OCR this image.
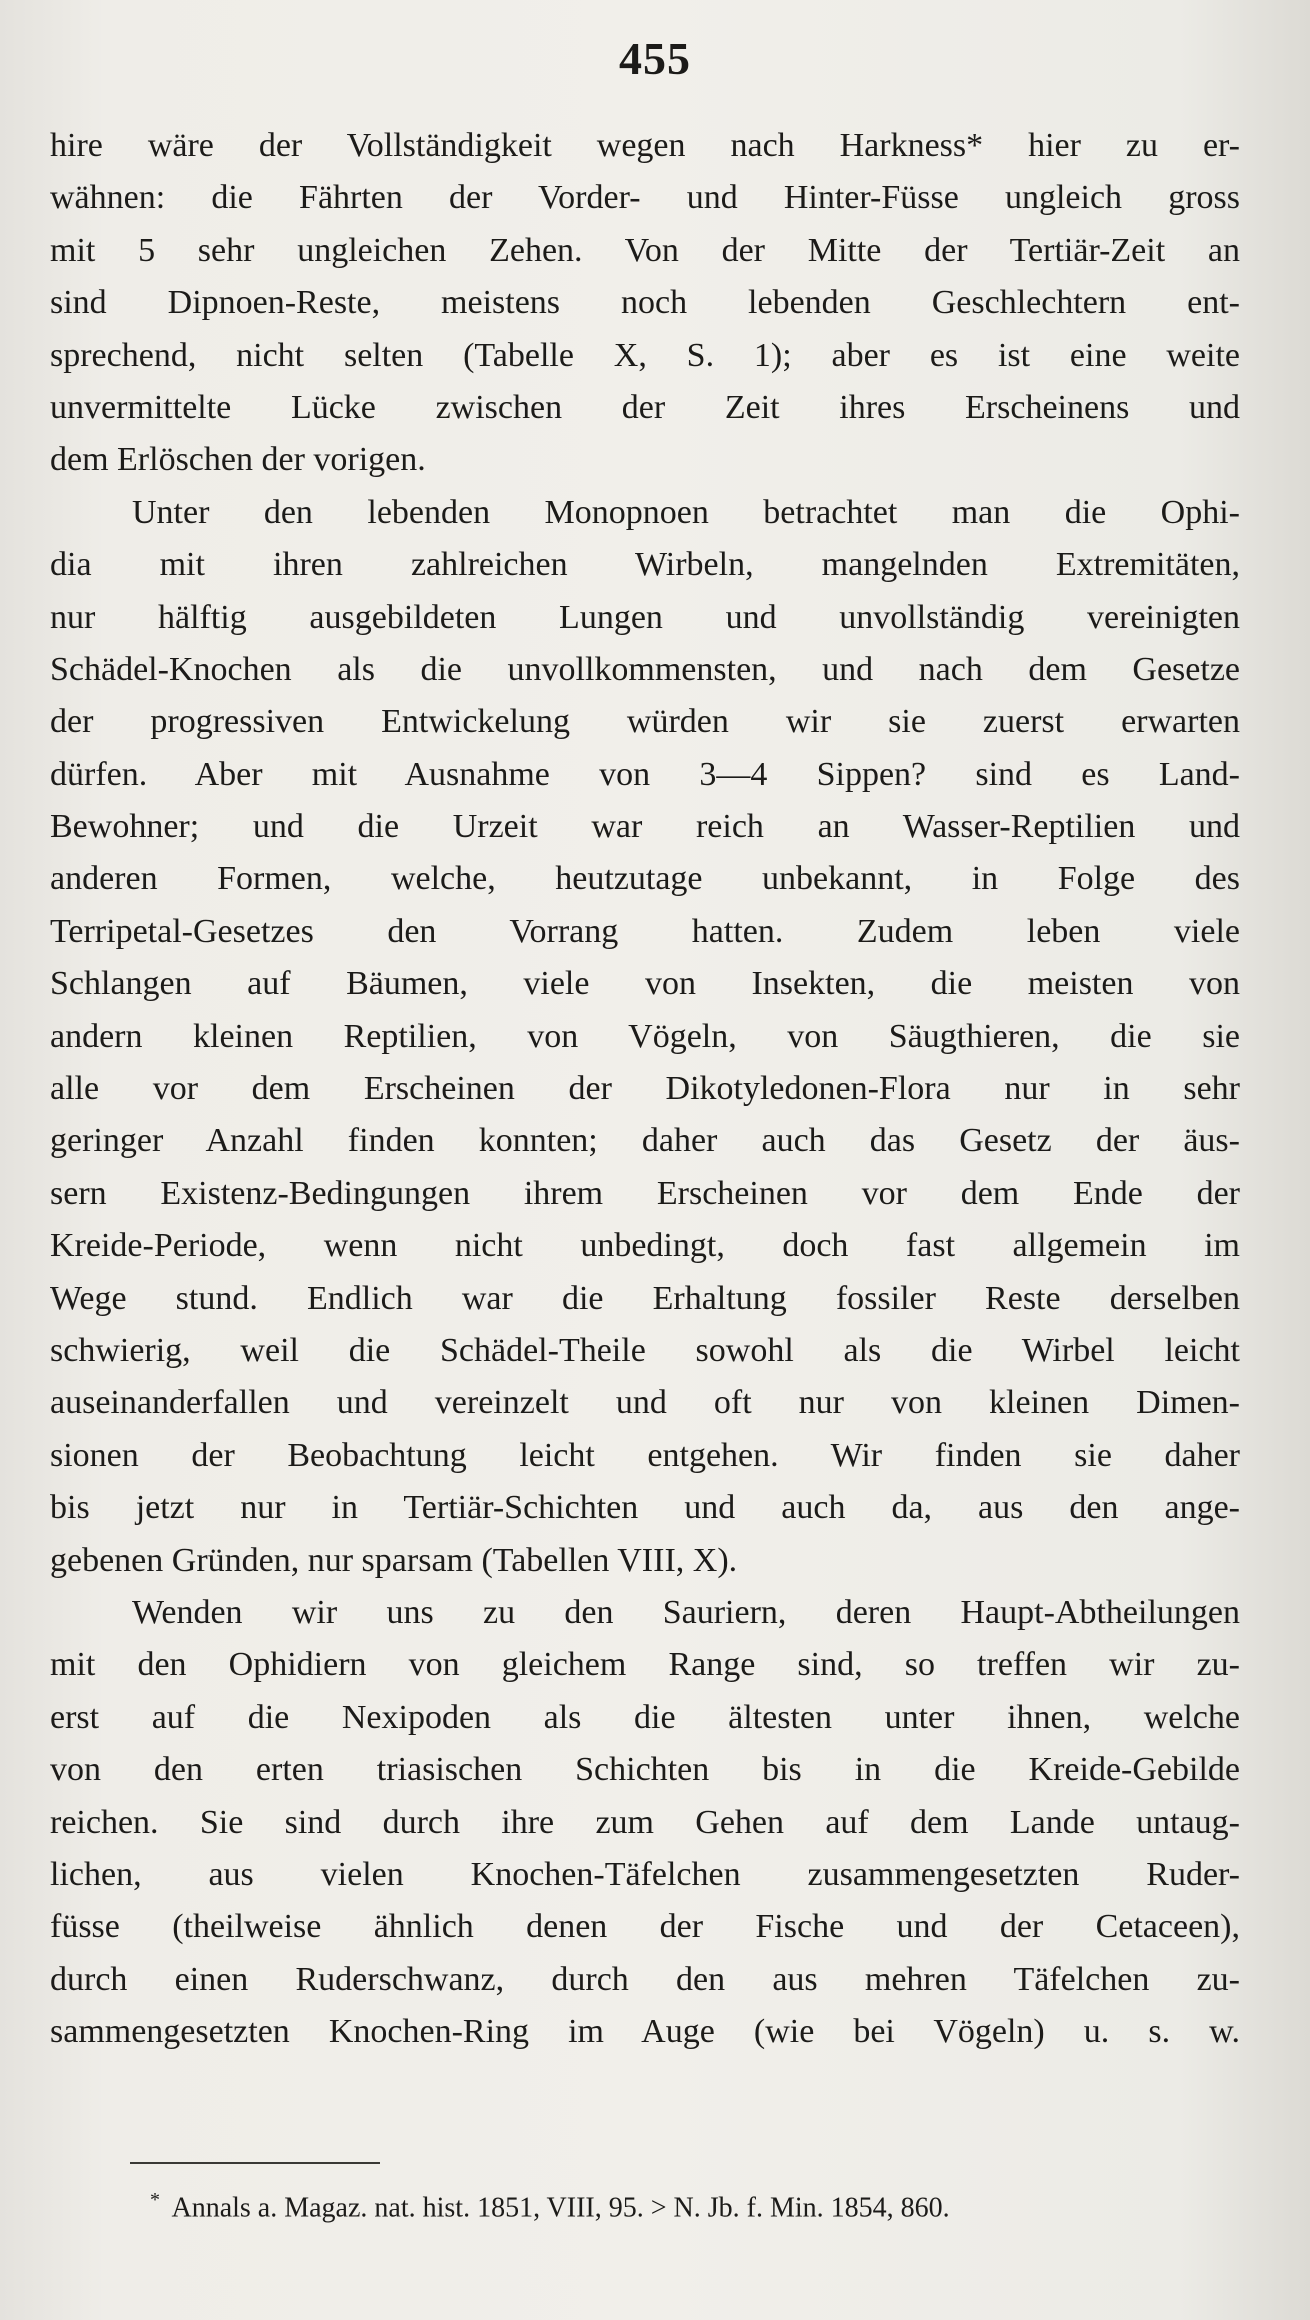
455
hire wäre der Vollständigkeit wegen nach Harkness* hier zu er-
wähnen: die Fährten der Vorder- und Hinter-Füsse ungleich gross
mit 5 sehr ungleichen Zehen. Von der Mitte der Tertiär-Zeit an
sind Dipnoen-Reste, meistens noch lebenden Geschlechtern ent-
sprechend, nicht selten (Tabelle X, S. 1); aber es ist eine weite
unvermittelte Lücke zwischen der Zeit ihres Erscheinens und
dem Erlöschen der vorigen.
Unter den lebenden Monopnoen betrachtet man die Ophi-
dia mit ihren zahlreichen Wirbeln, mangelnden Extremitäten,
nur hälftig ausgebildeten Lungen und unvollständig vereinigten
Schädel-Knochen als die unvollkommensten, und nach dem Gesetze
der progressiven Entwickelung würden wir sie zuerst erwarten
dürfen. Aber mit Ausnahme von 3—4 Sippen? sind es Land-
Bewohner; und die Urzeit war reich an Wasser-Reptilien und
anderen Formen, welche, heutzutage unbekannt, in Folge des
Terripetal-Gesetzes den Vorrang hatten. Zudem leben viele
Schlangen auf Bäumen, viele von Insekten, die meisten von
andern kleinen Reptilien, von Vögeln, von Säugthieren, die sie
alle vor dem Erscheinen der Dikotyledonen-Flora nur in sehr
geringer Anzahl finden konnten; daher auch das Gesetz der äus-
sern Existenz-Bedingungen ihrem Erscheinen vor dem Ende der
Kreide-Periode, wenn nicht unbedingt, doch fast allgemein im
Wege stund. Endlich war die Erhaltung fossiler Reste derselben
schwierig, weil die Schädel-Theile sowohl als die Wirbel leicht
auseinanderfallen und vereinzelt und oft nur von kleinen Dimen-
sionen der Beobachtung leicht entgehen. Wir finden sie daher
bis jetzt nur in Tertiär-Schichten und auch da, aus den ange-
gebenen Gründen, nur sparsam (Tabellen VIII, X).
Wenden wir uns zu den Sauriern, deren Haupt-Abtheilungen
mit den Ophidiern von gleichem Range sind, so treffen wir zu-
erst auf die Nexipoden als die ältesten unter ihnen, welche
von den erten triasischen Schichten bis in die Kreide-Gebilde
reichen. Sie sind durch ihre zum Gehen auf dem Lande untaug-
lichen, aus vielen Knochen-Täfelchen zusammengesetzten Ruder-
füsse (theilweise ähnlich denen der Fische und der Cetaceen),
durch einen Ruderschwanz, durch den aus mehren Täfelchen zu-
sammengesetzten Knochen-Ring im Auge (wie bei Vögeln) u. s. w.
* Annals a. Magaz. nat. hist. 1851, VIII, 95. > N. Jb. f. Min. 1854, 860.
